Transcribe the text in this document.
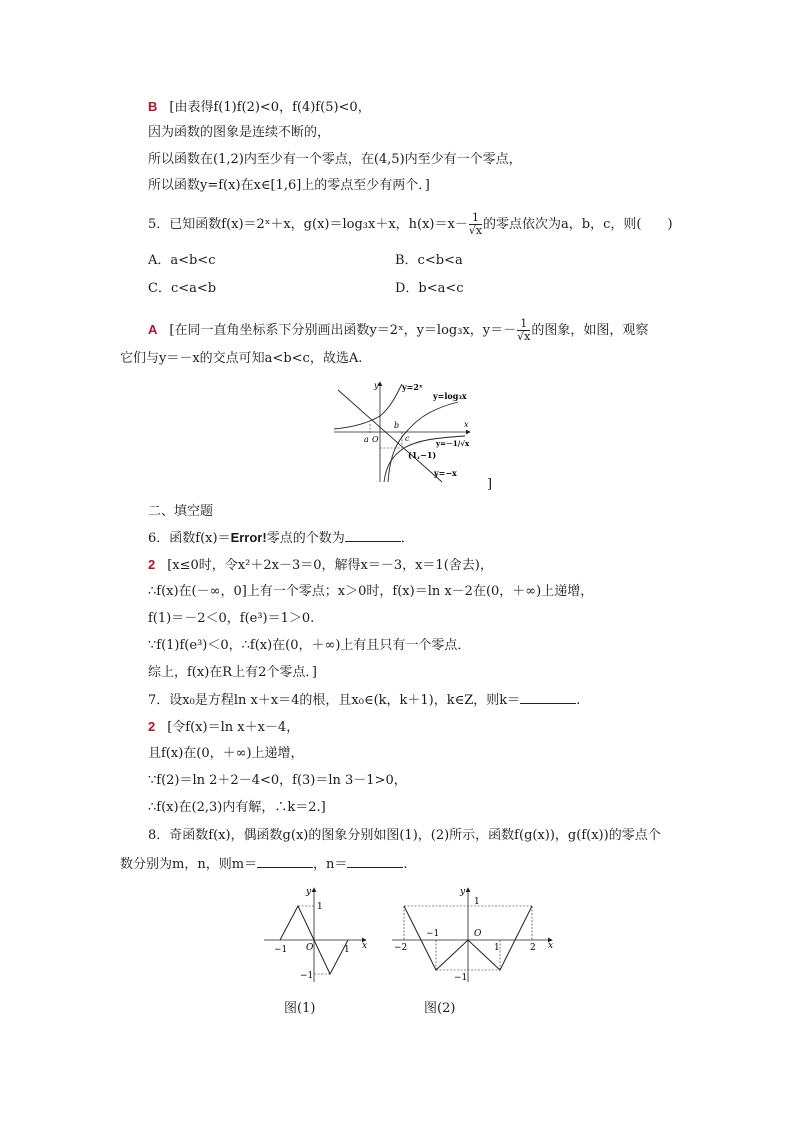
B [由表得f(1)f(2)<0，f(4)f(5)<0，
因为函数的图象是连续不断的，
所以函数在(1,2)内至少有一个零点，在(4,5)内至少有一个零点，
所以函数y=f(x)在x∈[1,6]上的零点至少有两个．]
5．已知函数f(x)＝2ˣ＋x，g(x)＝log₃x＋x，$h(x)=x- \frac{1}{√x}$ 的零点依次为a，b，c，则(　　)
A．a<b<c	B．c<b<a
C．c<a<b	D．b<a<c
A [在同一直角坐标系下分别画出函数y＝2ˣ，y＝log₃x，$y=- \frac{1}{√x}$ 的图象，如图，观察
它们与y＝－x的交点可知a<b<c，故选A.
y
x
O
y=2ˣ
y=log₃x
y=－1/√x
(1,−1)
y=−x
a
b
c
]
二、填空题
6．函数f(x)＝Error!零点的个数为	．
2 [x≤0时，令x²＋2x－3＝0，解得x＝－3，x＝1(舍去)，
∴f(x)在(－∞，0]上有一个零点；x＞0时，f(x)＝ln x－2在(0，＋∞)上递增，
f(1)＝－2＜0，f(e³)＝1＞0.
∵f(1)f(e³)＜0，∴f(x)在(0，＋∞)上有且只有一个零点．
综上，f(x)在R上有2个零点．]
7．设x₀是方程ln x＋x＝4的根，且x₀∈(k，k＋1)，k∈Z，则k＝	.
2 [令f(x)＝ln x＋x－4，
且f(x)在(0，＋∞)上递增，
∵f(2)＝ln 2＋2－4<0，f(3)＝ln 3－1>0，
∴f(x)在(2,3)内有解，∴k＝2.]
8．奇函数f(x)，偶函数g(x)的图象分别如图(1)，(2)所示，函数f(g(x))，g(f(x))的零点个
数分别为m，n，则m＝	，n＝	.
y
x
O
1
−1	1
−1
图(1)
y
x
O
1
−2
−1
1	2
−1
图(2)
